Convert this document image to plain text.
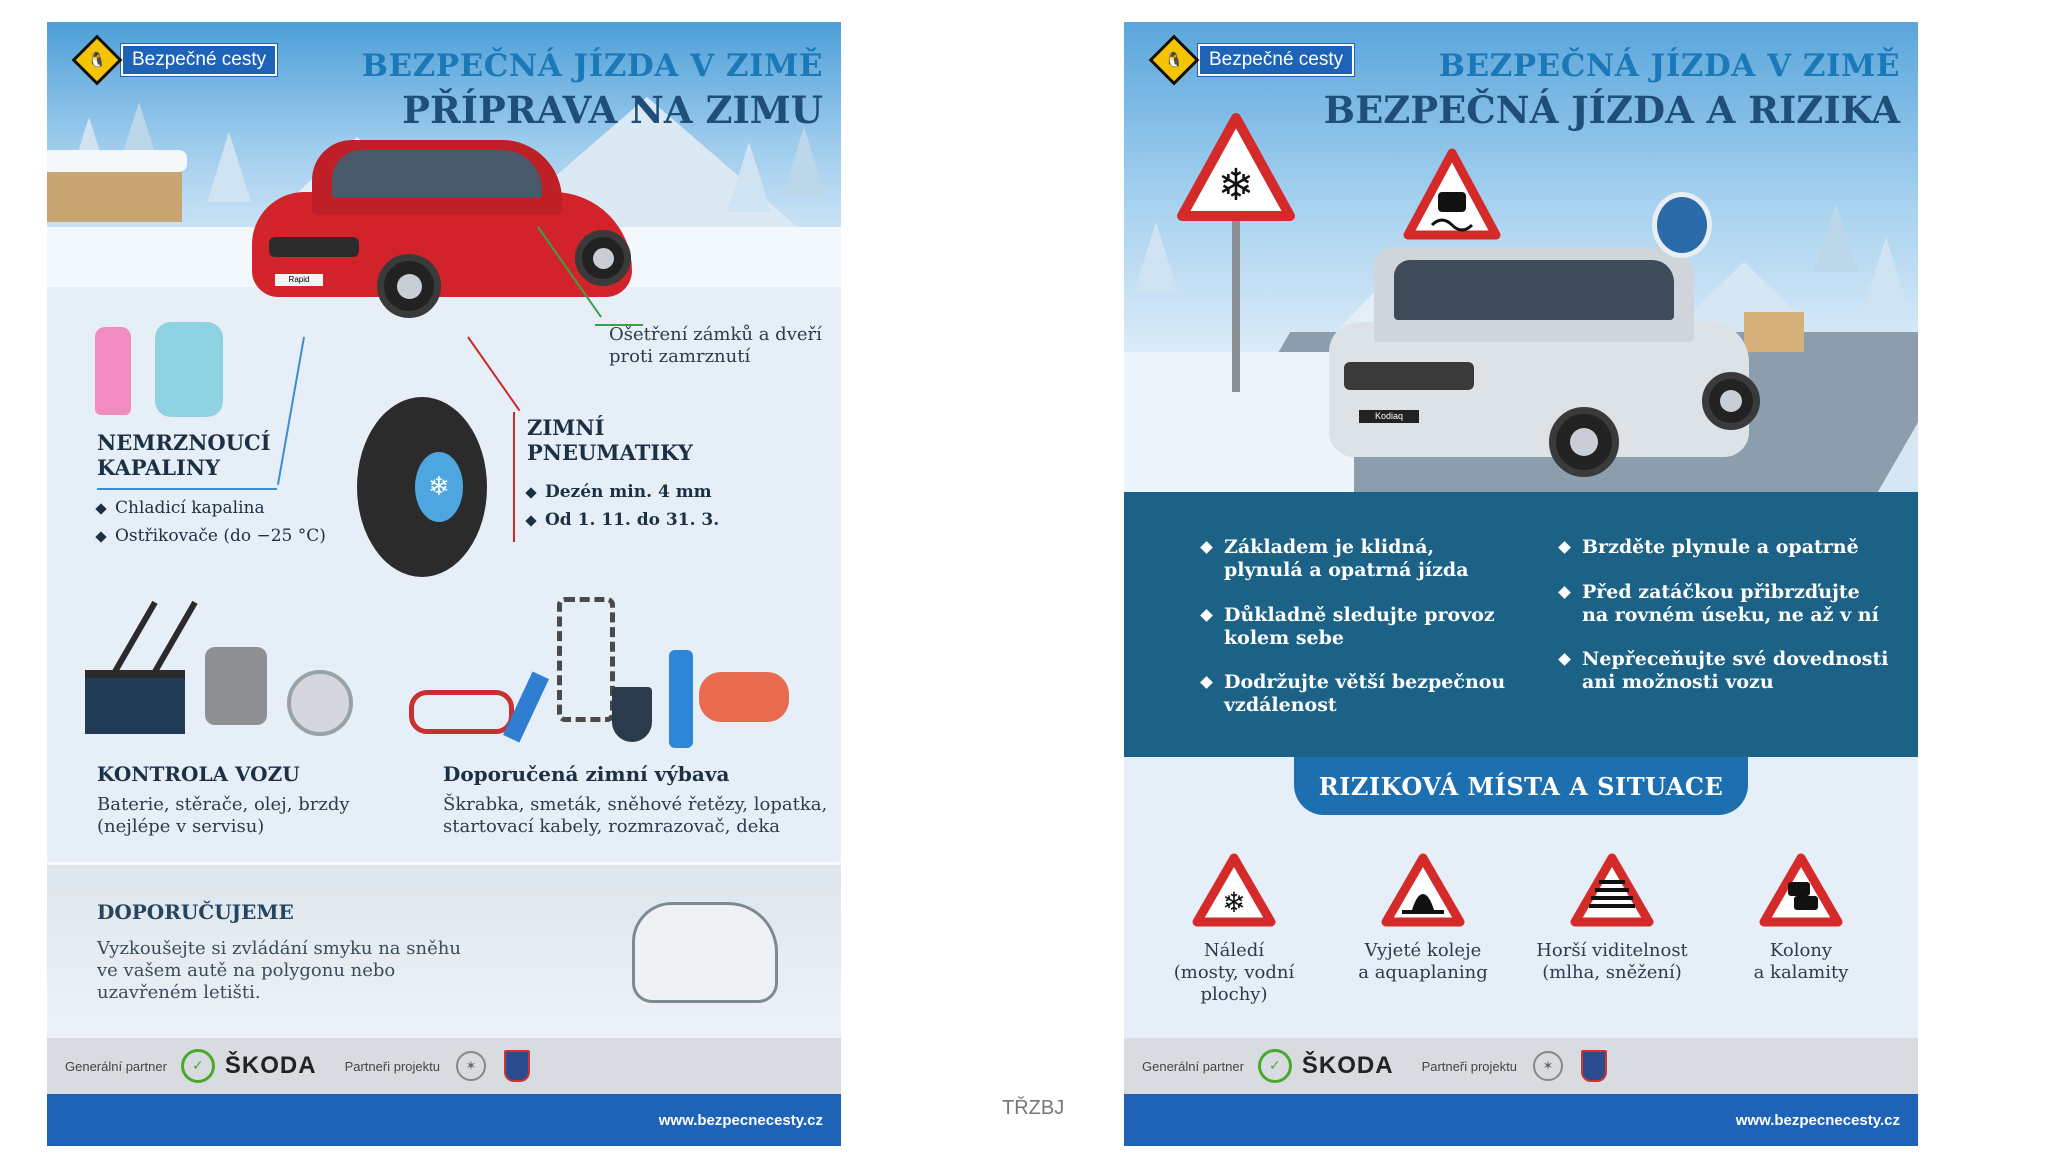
🐧	Bezpečné cesty	BEZPEČNÁ JÍZDA V ZIMĚ
PŘÍPRAVA NA ZIMU
Rapid
Ošetření zámků a dveří
proti zamrznutí
NEMRZNOUCÍ
KAPALINY
Chladicí kapalina
Ostřikovače (do −25 °C)
❄
ZIMNÍ
PNEUMATIKY
Dezén min. 4 mm
Od 1. 11. do 31. 3.
KONTROLA VOZU
Baterie, stěrače, olej, brzdy
(nejlépe v servisu)
Doporučená zimní výbava
Škrabka, smeták, sněhové řetězy, lopatka,
startovací kabely, rozmrazovač, deka
DOPORUČUJEME
Vyzkoušejte si zvládání smyku na sněhu
ve vašem autě na polygonu nebo
uzavřeném letišti.
Generální partner	✓ ŠKODA Partneři projektu	✶
www.bezpecnecesty.cz
TŘZBJ
❄
Kodiaq
🐧	Bezpečné cesty	BEZPEČNÁ JÍZDA V ZIMĚ
BEZPEČNÁ JÍZDA A RIZIKA
Základem je klidná,
plynulá a opatrná jízda
Důkladně sledujte provoz
kolem sebe
Dodržujte větší bezpečnou
vzdálenost
Brzděte plynule a opatrně
Před zatáčkou přibrzďujte
na rovném úseku, ne až v ní
Nepřeceňujte své dovednosti
ani možnosti vozu
RIZIKOVÁ MÍSTA A SITUACE
❄
Náledí
(mosty, vodní
plochy)
Vyjeté koleje
a aquaplaning
Horší viditelnost
(mlha, sněžení)
Kolony
a kalamity
Generální partner	✓ ŠKODA Partneři projektu	✶
www.bezpecnecesty.cz
